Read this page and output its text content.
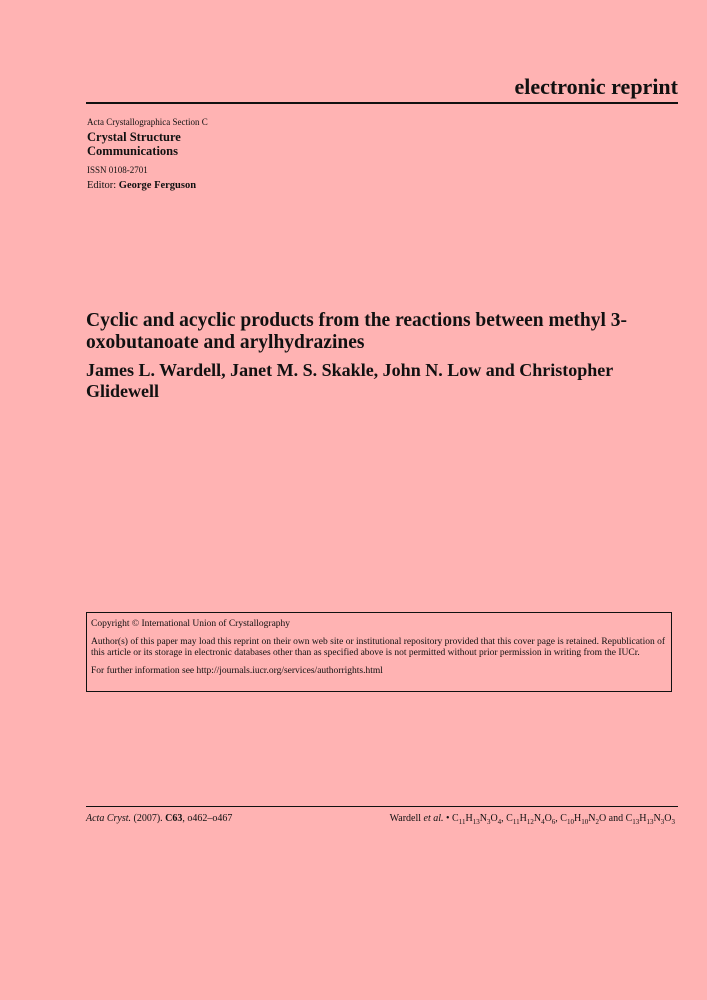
electronic reprint
Acta Crystallographica Section C
Crystal Structure Communications
ISSN 0108-2701
Editor: George Ferguson
Cyclic and acyclic products from the reactions between methyl 3-oxobutanoate and arylhydrazines
James L. Wardell, Janet M. S. Skakle, John N. Low and Christopher Glidewell

Copyright © International Union of Crystallography

Author(s) of this paper may load this reprint on their own web site or institutional repository provided that this cover page is retained. Republication of this article or its storage in electronic databases other than as specified above is not permitted without prior permission in writing from the IUCr.

For further information see http://journals.iucr.org/services/authorrights.html

Acta Cryst. (2007). C63, o462–o467	Wardell et al. • $C_{11}H_{13}N_3O_4$, $C_{11}H_{12}N_4O_6$, $C_{10}H_{10}N_2O$ and $C_{13}H_{13}N_3O_3$
